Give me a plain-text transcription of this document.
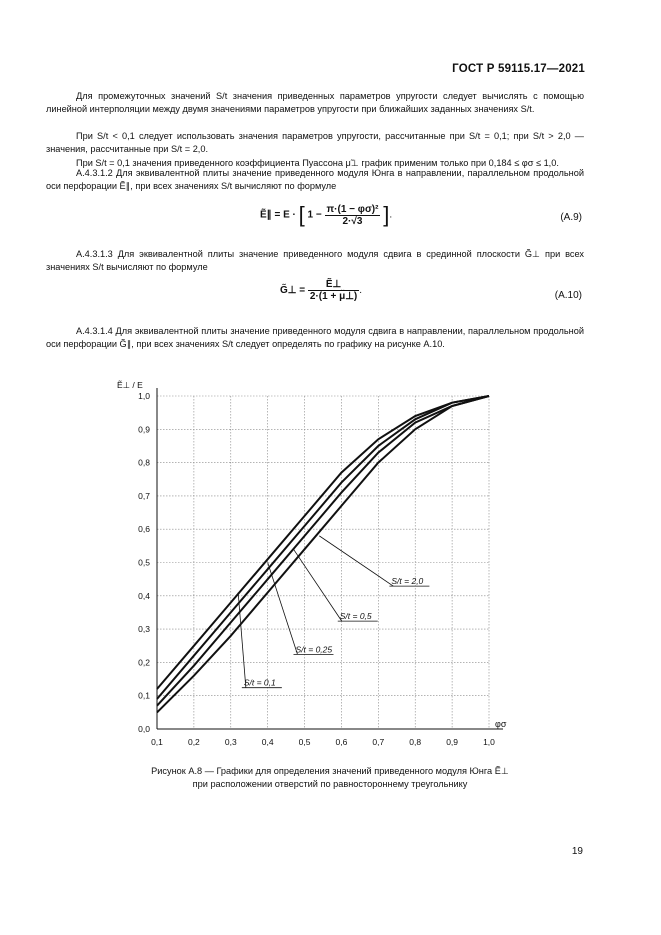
ГОСТ Р 59115.17—2021
Для промежуточных значений S/t значения приведенных параметров упругости следует вычислять с помощью линейной интерполяции между двумя значениями параметров упругости при ближайших заданных значениях S/t.
При S/t < 0,1 следует использовать значения параметров упругости, рассчитанные при S/t = 0,1; при S/t > 2,0 — значения, рассчитанные при S/t = 2,0.
При S/t = 0,1 значения приведенного коэффициента Пуассона μ̃⊥ график применим только при 0,184 ≤ φσ ≤ 1,0.
А.4.3.1.2 Для эквивалентной плиты значение приведенного модуля Юнга в направлении, параллельном продольной оси перфорации Ẽ∥, при всех значениях S/t вычисляют по формуле
Ẽ∥ = E · [ $1 - \frac{\text{π·(1 − φσ)²}}{2\cdot√3}$ ].	(А.9)
А.4.3.1.3 Для эквивалентной плиты значение приведенного модуля сдвига в срединной плоскости G̃⊥ при всех значениях S/t вычисляют по формуле
G̃⊥ = $\frac{\text{Ẽ⊥}}{2\cdot(1 + \mũ\perp)}$ .	(А.10)
А.4.3.1.4 Для эквивалентной плиты значение приведенного модуля сдвига в направлении, параллельном продольной оси перфорации G̃∥, при всех значениях S/t следует определять по графику на рисунке А.10.
S/t = 2,0
S/t = 0,5
S/t = 0,25
S/t = 0,1
0,1	0,2	0,3	0,4	0,5	0,6	0,7	0,8	0,9	1,0
0,0
0,1
0,2
0,3
0,4
0,5
0,6
0,7
0,8
0,9
1,0
Ẽ⊥ / E
φσ
Рисунок А.8 — Графики для определения значений приведенного модуля Юнга Ẽ⊥
при расположении отверстий по равностороннему треугольнику
19
